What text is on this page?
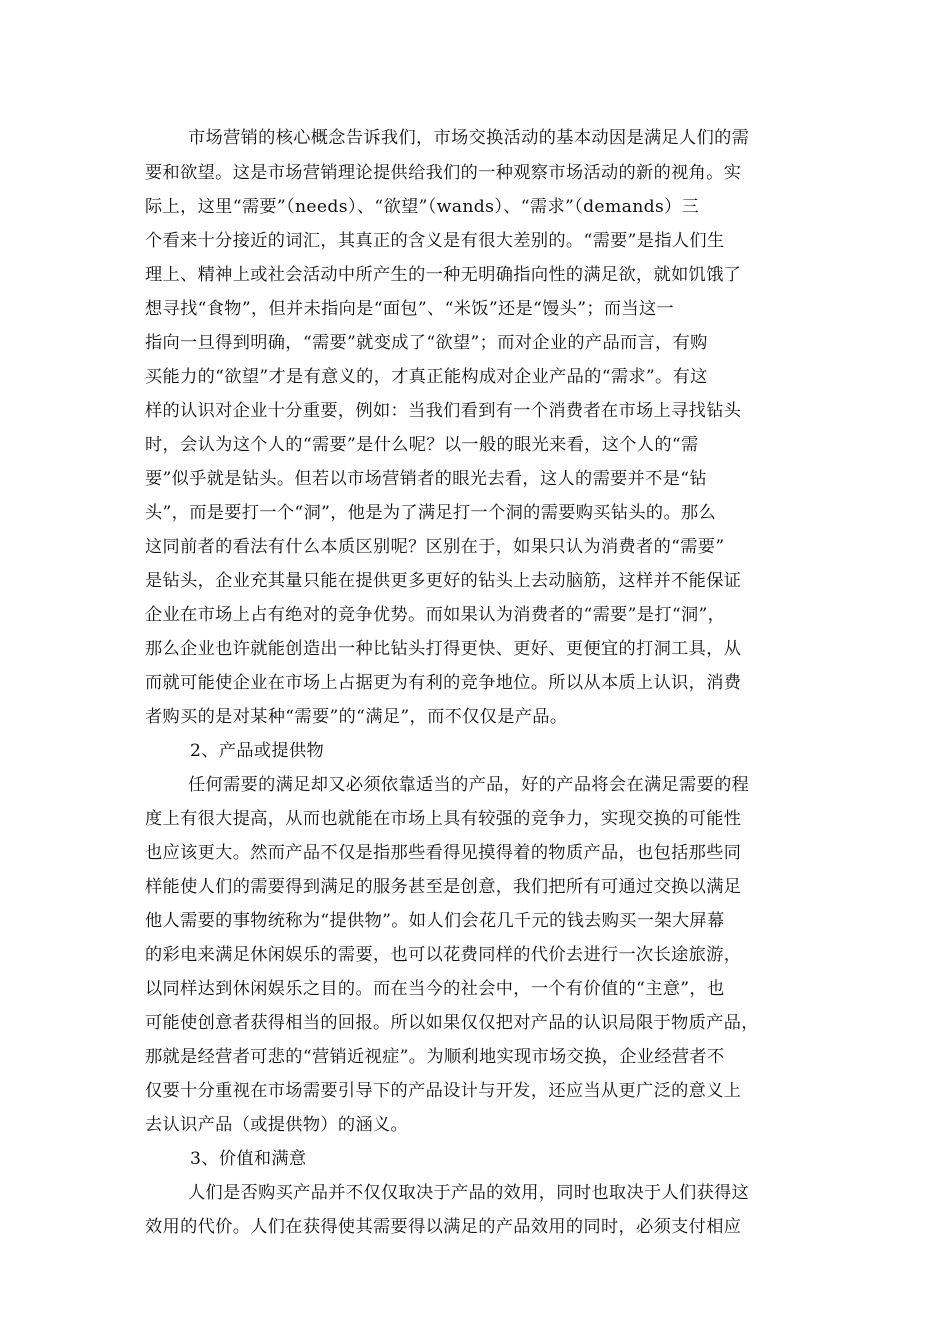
市场营销的核心概念告诉我们，市场交换活动的基本动因是满足人们的需
要和欲望。这是市场营销理论提供给我们的一种观察市场活动的新的视角。实
际上，这里“需要”（needs）、“欲望”（wands）、“需求”（demands）三
个看来十分接近的词汇，其真正的含义是有很大差别的。“需要”是指人们生
理上、精神上或社会活动中所产生的一种无明确指向性的满足欲，就如饥饿了
想寻找“食物”，但并未指向是“面包”、“米饭”还是“馒头”；而当这一
指向一旦得到明确，“需要”就变成了“欲望”；而对企业的产品而言，有购
买能力的“欲望”才是有意义的，才真正能构成对企业产品的“需求”。有这
样的认识对企业十分重要，例如：当我们看到有一个消费者在市场上寻找钻头
时，会认为这个人的“需要”是什么呢？以一般的眼光来看，这个人的“需
要”似乎就是钻头。但若以市场营销者的眼光去看，这人的需要并不是“钻
头”，而是要打一个“洞”，他是为了满足打一个洞的需要购买钻头的。那么
这同前者的看法有什么本质区别呢？区别在于，如果只认为消费者的“需要”
是钻头，企业充其量只能在提供更多更好的钻头上去动脑筋，这样并不能保证
企业在市场上占有绝对的竞争优势。而如果认为消费者的“需要”是打“洞”，
那么企业也许就能创造出一种比钻头打得更快、更好、更便宜的打洞工具，从
而就可能使企业在市场上占据更为有利的竞争地位。所以从本质上认识，消费
者购买的是对某种“需要”的“满足”，而不仅仅是产品。
2、产品或提供物
任何需要的满足却又必须依靠适当的产品，好的产品将会在满足需要的程
度上有很大提高，从而也就能在市场上具有较强的竞争力，实现交换的可能性
也应该更大。然而产品不仅是指那些看得见摸得着的物质产品，也包括那些同
样能使人们的需要得到满足的服务甚至是创意，我们把所有可通过交换以满足
他人需要的事物统称为“提供物”。如人们会花几千元的钱去购买一架大屏幕
的彩电来满足休闲娱乐的需要，也可以花费同样的代价去进行一次长途旅游，
以同样达到休闲娱乐之目的。而在当今的社会中，一个有价值的“主意”，也
可能使创意者获得相当的回报。所以如果仅仅把对产品的认识局限于物质产品，
那就是经营者可悲的“营销近视症”。为顺利地实现市场交换，企业经营者不
仅要十分重视在市场需要引导下的产品设计与开发，还应当从更广泛的意义上
去认识产品（或提供物）的涵义。
3、价值和满意
人们是否购买产品并不仅仅取决于产品的效用，同时也取决于人们获得这
效用的代价。人们在获得使其需要得以满足的产品效用的同时，必须支付相应
